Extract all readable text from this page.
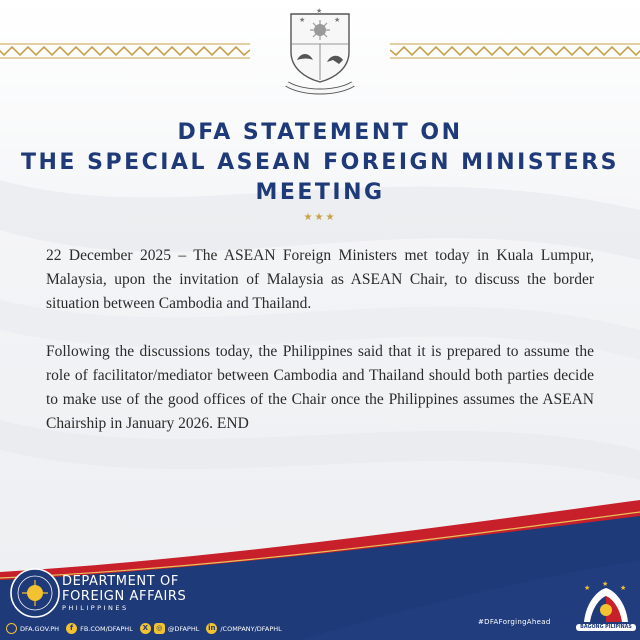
★	★
★
DFA STATEMENT ON
THE SPECIAL ASEAN FOREIGN MINISTERS
MEETING
★★★

22 December 2025 – The ASEAN Foreign Ministers met today in Kuala Lumpur, Malaysia, upon the invitation of Malaysia as ASEAN Chair, to discuss the border situation between Cambodia and Thailand.

Following the discussions today, the Philippines said that it is prepared to assume the role of facilitator/mediator between Cambodia and Thailand should both parties decide to make use of the good offices of the Chair once the Philippines assumes the ASEAN Chairship in January 2026. END

DEPARTMENT OF
FOREIGN AFFAIRS
PHILIPPINES
DFA.GOV.PH	f	FB.COM/DFAPHL	X	◎ @DFAPHL in /COMPANY/DFAPHL
#DFAForgingAhead
★ ★ ★
BAGONG PILIPINAS
